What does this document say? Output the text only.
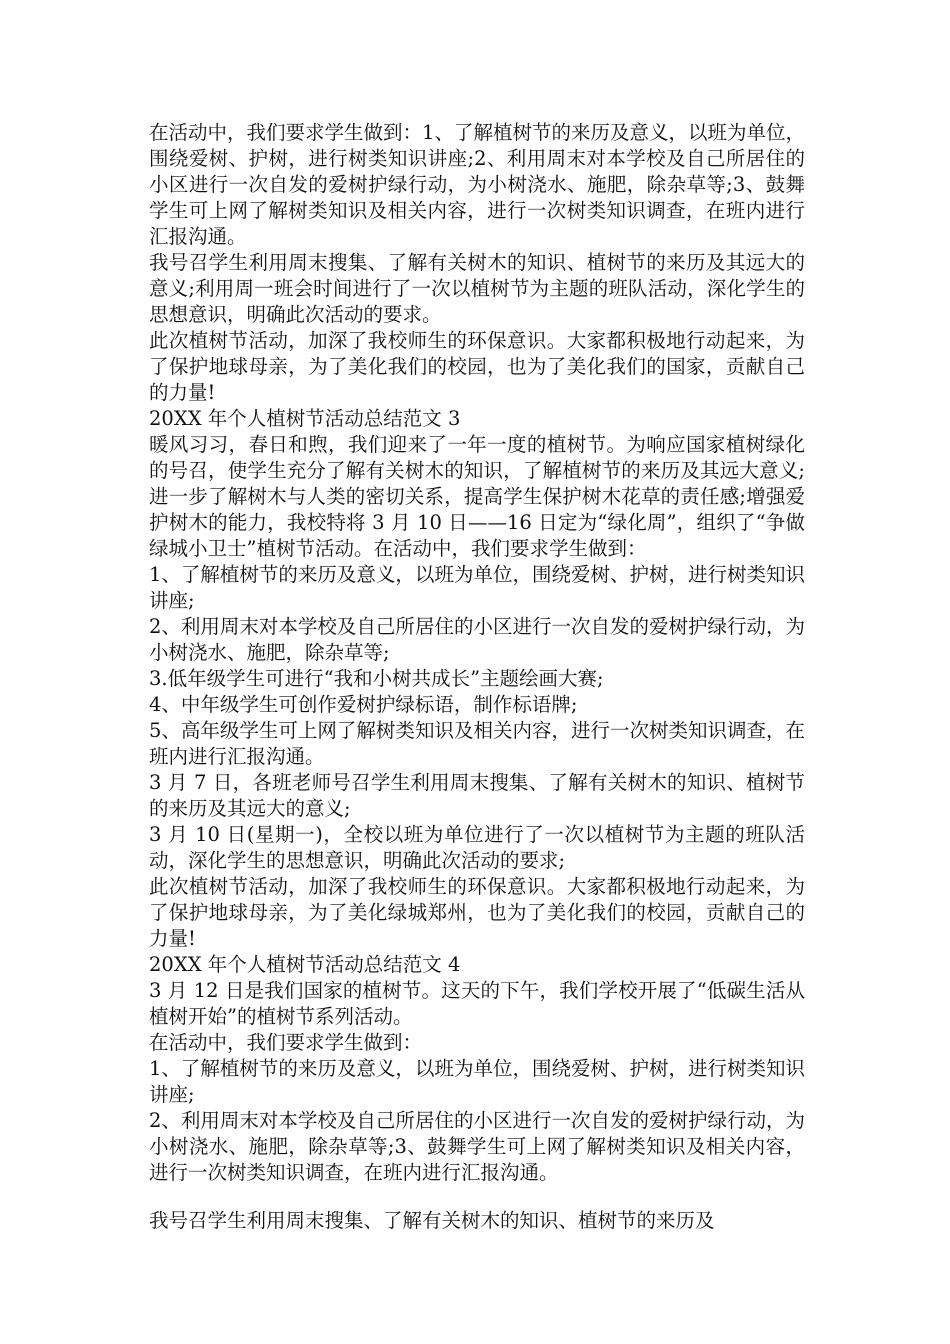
在活动中，我们要求学生做到：1、了解植树节的来历及意义，以班为单位，围绕爱树、护树，进行树类知识讲座;2、利用周末对本学校及自己所居住的小区进行一次自发的爱树护绿行动，为小树浇水、施肥，除杂草等;3、鼓舞学生可上网了解树类知识及相关内容，进行一次树类知识调查，在班内进行汇报沟通。

我号召学生利用周末搜集、了解有关树木的知识、植树节的来历及其远大的意义;利用周一班会时间进行了一次以植树节为主题的班队活动，深化学生的思想意识，明确此次活动的要求。

此次植树节活动，加深了我校师生的环保意识。大家都积极地行动起来，为了保护地球母亲，为了美化我们的校园，也为了美化我们的国家，贡献自己的力量!

20XX 年个人植树节活动总结范文 3

暖风习习，春日和煦，我们迎来了一年一度的植树节。为响应国家植树绿化的号召，使学生充分了解有关树木的知识，了解植树节的来历及其远大意义;进一步了解树木与人类的密切关系，提高学生保护树木花草的责任感;增强爱护树木的能力，我校特将 3 月 10 日——16 日定为“绿化周”，组织了“争做绿城小卫士”植树节活动。在活动中，我们要求学生做到：

1、了解植树节的来历及意义，以班为单位，围绕爱树、护树，进行树类知识讲座;

2、利用周末对本学校及自己所居住的小区进行一次自发的爱树护绿行动，为小树浇水、施肥，除杂草等;

3.低年级学生可进行“我和小树共成长”主题绘画大赛;

4、中年级学生可创作爱树护绿标语，制作标语牌;

5、高年级学生可上网了解树类知识及相关内容，进行一次树类知识调查，在班内进行汇报沟通。

3 月 7 日，各班老师号召学生利用周末搜集、了解有关树木的知识、植树节的来历及其远大的意义;

3 月 10 日(星期一)，全校以班为单位进行了一次以植树节为主题的班队活动，深化学生的思想意识，明确此次活动的要求;

此次植树节活动，加深了我校师生的环保意识。大家都积极地行动起来，为了保护地球母亲，为了美化绿城郑州，也为了美化我们的校园，贡献自己的力量!

20XX 年个人植树节活动总结范文 4

3 月 12 日是我们国家的植树节。这天的下午，我们学校开展了“低碳生活从植树开始”的植树节系列活动。

在活动中，我们要求学生做到：

1、了解植树节的来历及意义，以班为单位，围绕爱树、护树，进行树类知识讲座;

2、利用周末对本学校及自己所居住的小区进行一次自发的爱树护绿行动，为小树浇水、施肥，除杂草等;3、鼓舞学生可上网了解树类知识及相关内容，进行一次树类知识调查，在班内进行汇报沟通。

我号召学生利用周末搜集、了解有关树木的知识、植树节的来历及
